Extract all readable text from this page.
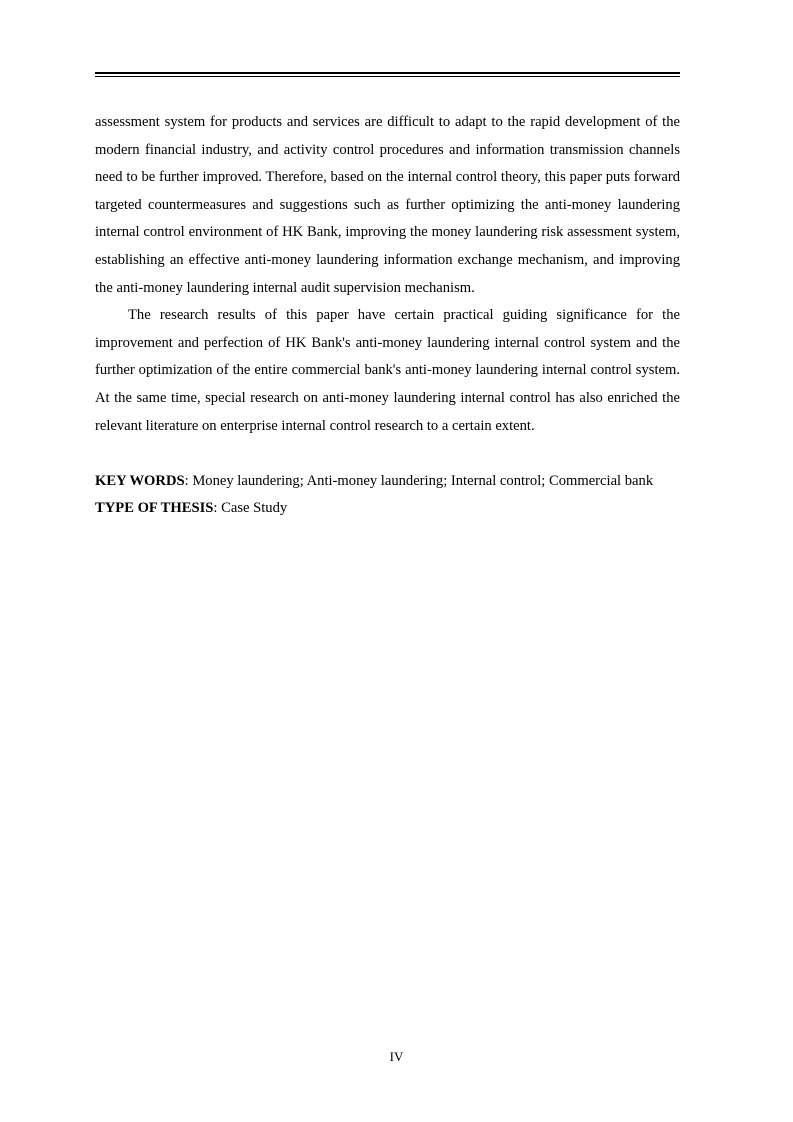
assessment system for products and services are difficult to adapt to the rapid development of the modern financial industry, and activity control procedures and information transmission channels need to be further improved. Therefore, based on the internal control theory, this paper puts forward targeted countermeasures and suggestions such as further optimizing the anti-money laundering internal control environment of HK Bank, improving the money laundering risk assessment system, establishing an effective anti-money laundering information exchange mechanism, and improving the anti-money laundering internal audit supervision mechanism.

The research results of this paper have certain practical guiding significance for the improvement and perfection of HK Bank's anti-money laundering internal control system and the further optimization of the entire commercial bank's anti-money laundering internal control system. At the same time, special research on anti-money laundering internal control has also enriched the relevant literature on enterprise internal control research to a certain extent.

KEY WORDS: Money laundering; Anti-money laundering; Internal control; Commercial bank

TYPE OF THESIS: Case Study

IV
